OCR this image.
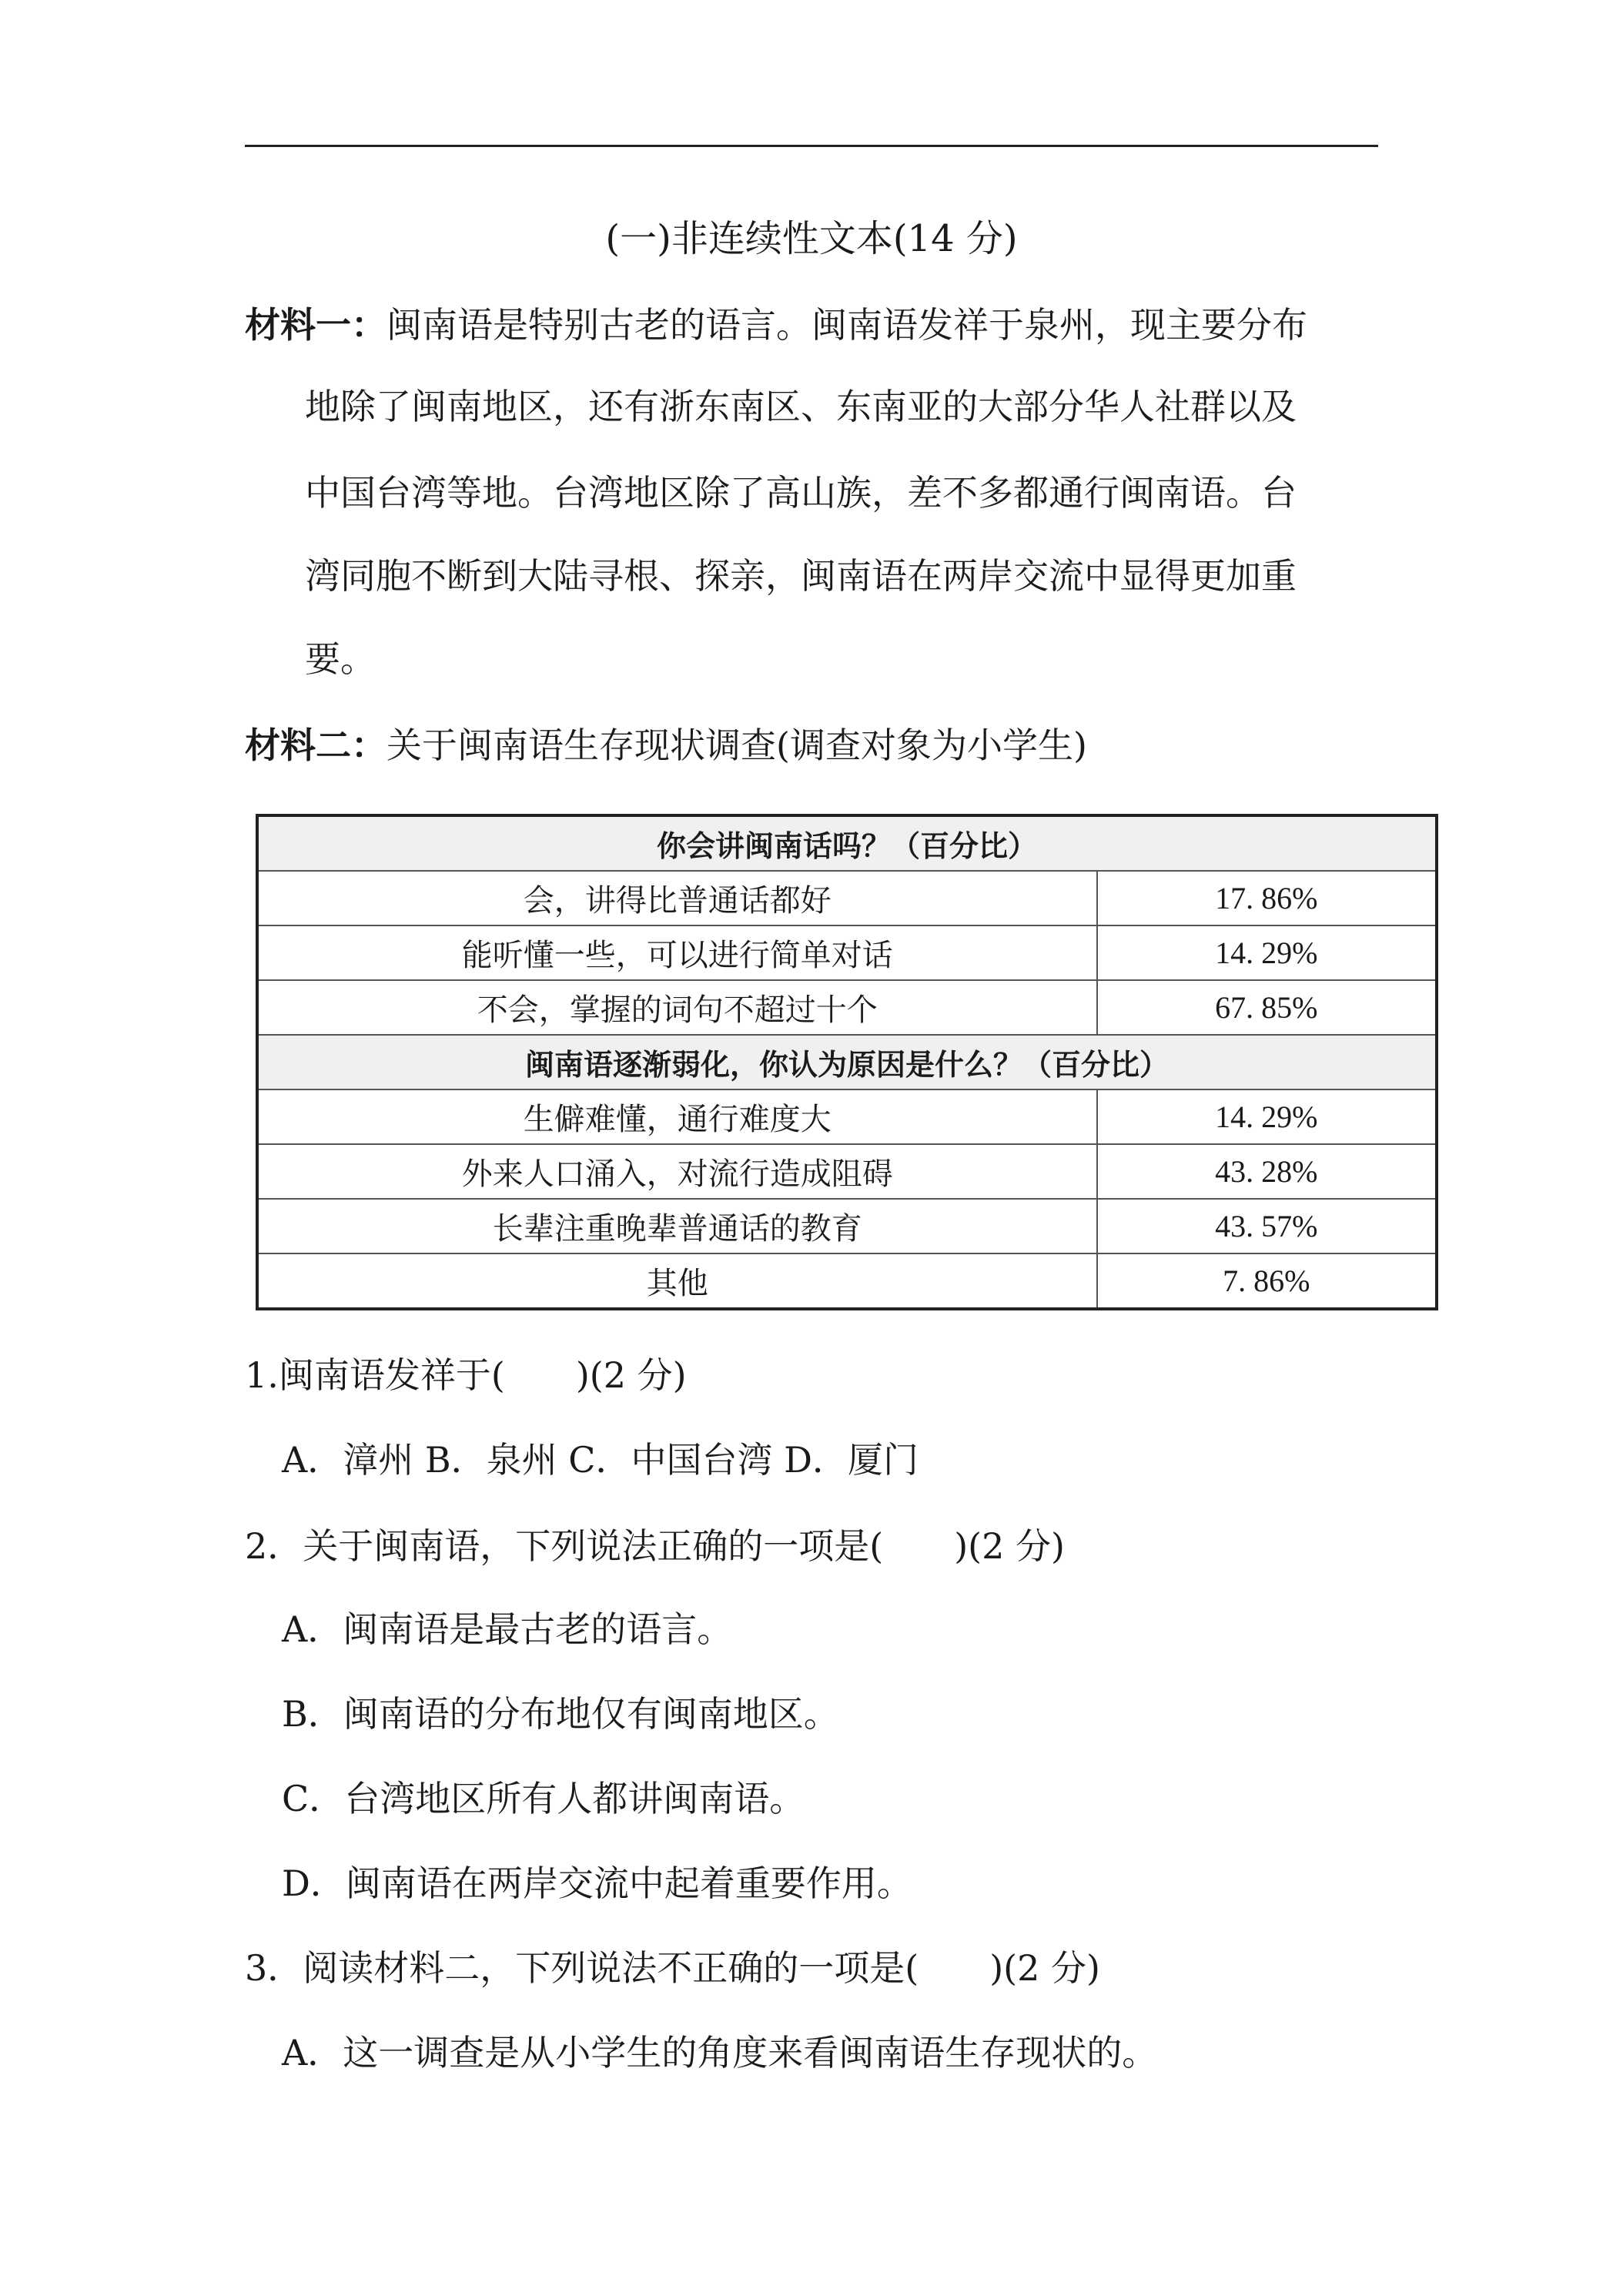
(一)非连续性文本(14 分)
材料一：闽南语是特别古老的语言。闽南语发祥于泉州，现主要分布
地除了闽南地区，还有浙东南区、东南亚的大部分华人社群以及
中国台湾等地。台湾地区除了高山族，差不多都通行闽南语。台
湾同胞不断到大陆寻根、探亲，闽南语在两岸交流中显得更加重
要。
材料二：关于闽南语生存现状调查(调查对象为小学生)
你会讲闽南话吗？（百分比）	
会，讲得比普通话都好	17. 86%
能听懂一些，可以进行简单对话	14. 29%
不会，掌握的词句不超过十个	67. 85%
闽南语逐渐弱化，你认为原因是什么？（百分比）	
生僻难懂，通行难度大	14. 29%
外来人口涌入，对流行造成阻碍	43. 28%
长辈注重晚辈普通话的教育	43. 57%
其他	7. 86%
1.闽南语发祥于(　　)(2 分)
A．漳州 B．泉州 C．中国台湾 D．厦门
2．关于闽南语，下列说法正确的一项是(　　)(2 分)
A．闽南语是最古老的语言。
B．闽南语的分布地仅有闽南地区。
C．台湾地区所有人都讲闽南语。
D．闽南语在两岸交流中起着重要作用。
3．阅读材料二，下列说法不正确的一项是(　　)(2 分)
A．这一调查是从小学生的角度来看闽南语生存现状的。
